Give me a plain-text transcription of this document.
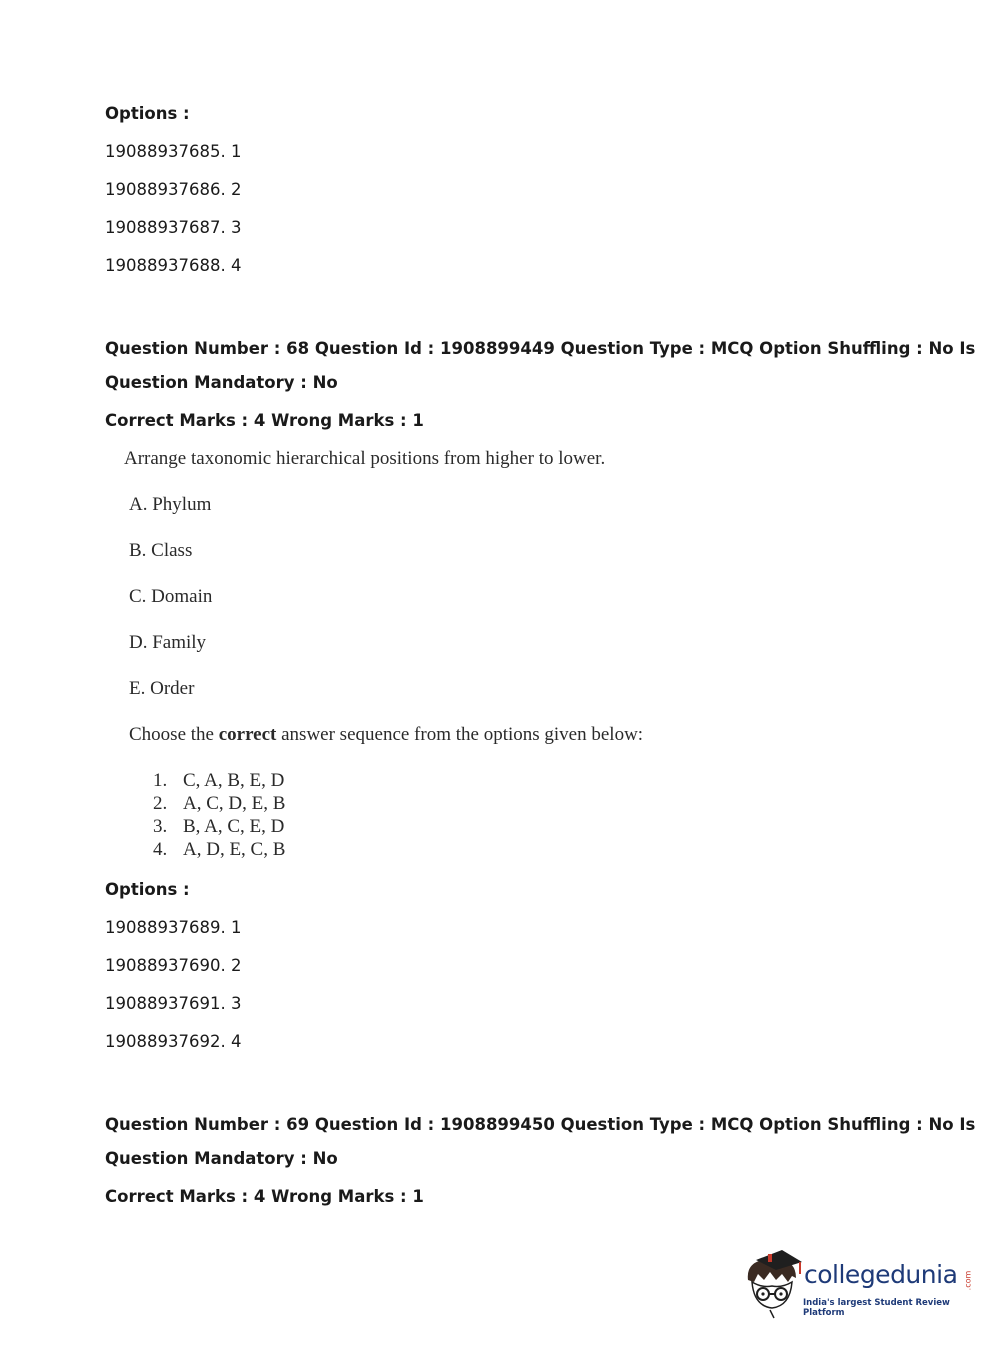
Options :
19088937685. 1
19088937686. 2
19088937687. 3
19088937688. 4
Question Number : 68 Question Id : 1908899449 Question Type : MCQ Option Shuffling : No Is
Question Mandatory : No
Correct Marks : 4 Wrong Marks : 1
Arrange taxonomic hierarchical positions from higher to lower.
A. Phylum
B. Class
C. Domain
D. Family
E. Order
Choose the correct answer sequence from the options given below:
1. C, A, B, E, D
2. A, C, D, E, B
3. B, A, C, E, D
4. A, D, E, C, B
Options :
19088937689. 1
19088937690. 2
19088937691. 3
19088937692. 4
Question Number : 69 Question Id : 1908899450 Question Type : MCQ Option Shuffling : No Is
Question Mandatory : No
Correct Marks : 4 Wrong Marks : 1
collegedunia .com
India's largest Student Review Platform
